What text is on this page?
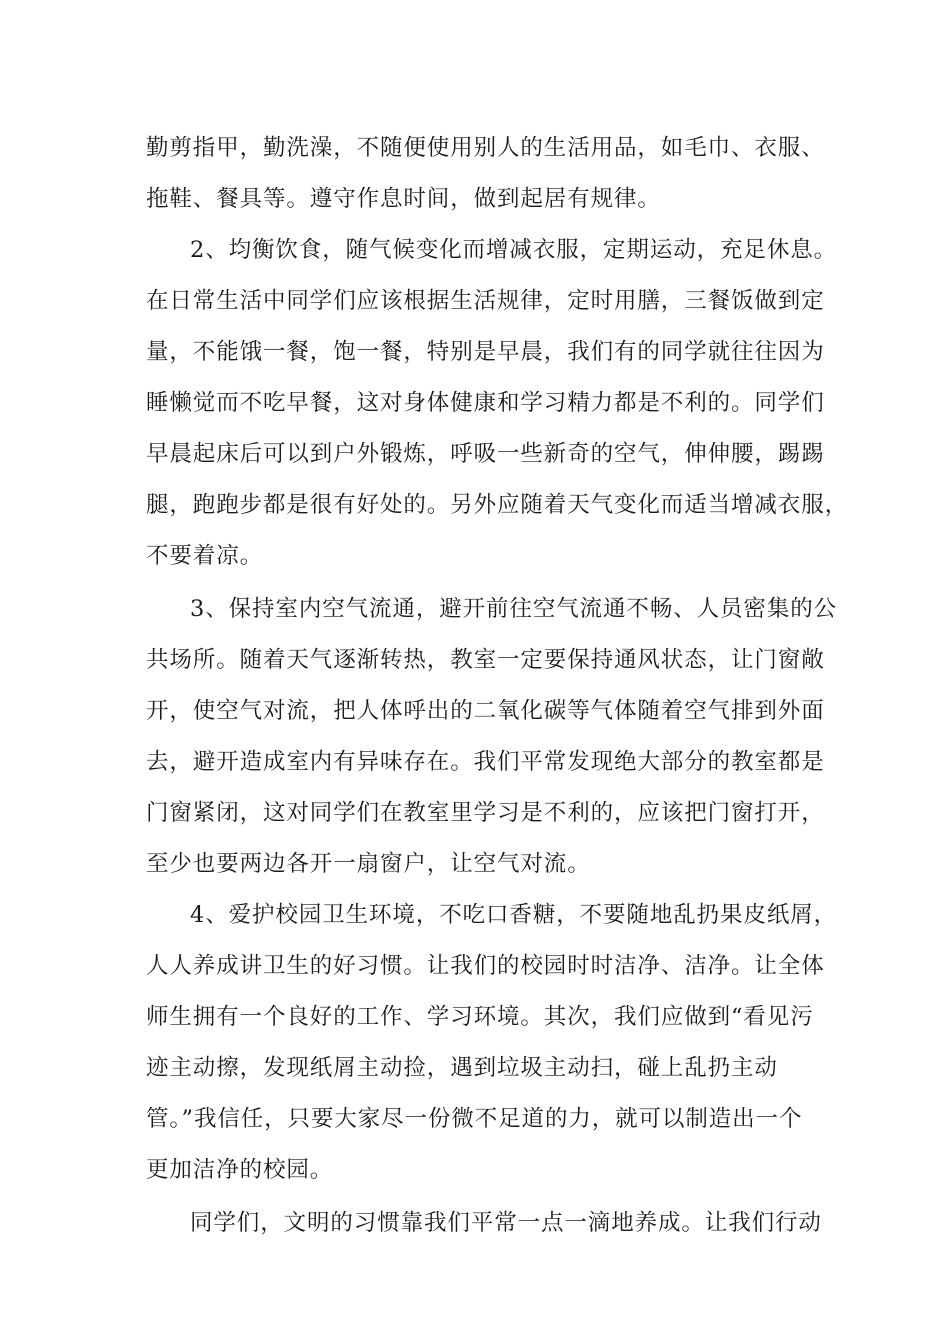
勤剪指甲，勤洗澡，不随便使用别人的生活用品，如毛巾、衣服、
拖鞋、餐具等。遵守作息时间，做到起居有规律。
2、均衡饮食，随气候变化而增减衣服，定期运动，充足休息。
在日常生活中同学们应该根据生活规律，定时用膳，三餐饭做到定
量，不能饿一餐，饱一餐，特别是早晨，我们有的同学就往往因为
睡懒觉而不吃早餐，这对身体健康和学习精力都是不利的。同学们
早晨起床后可以到户外锻炼，呼吸一些新奇的空气，伸伸腰，踢踢
腿，跑跑步都是很有好处的。另外应随着天气变化而适当增减衣服，
不要着凉。
3、保持室内空气流通，避开前往空气流通不畅、人员密集的公
共场所。随着天气逐渐转热，教室一定要保持通风状态，让门窗敞
开，使空气对流，把人体呼出的二氧化碳等气体随着空气排到外面
去，避开造成室内有异味存在。我们平常发现绝大部分的教室都是
门窗紧闭，这对同学们在教室里学习是不利的，应该把门窗打开，
至少也要两边各开一扇窗户，让空气对流。
4、爱护校园卫生环境，不吃口香糖，不要随地乱扔果皮纸屑，
人人养成讲卫生的好习惯。让我们的校园时时洁净、洁净。让全体
师生拥有一个良好的工作、学习环境。其次，我们应做到“看见污
迹主动擦，发现纸屑主动捡，遇到垃圾主动扫，碰上乱扔主动
管。”我信任，只要大家尽一份微不足道的力，就可以制造出一个
更加洁净的校园。
同学们，文明的习惯靠我们平常一点一滴地养成。让我们行动
